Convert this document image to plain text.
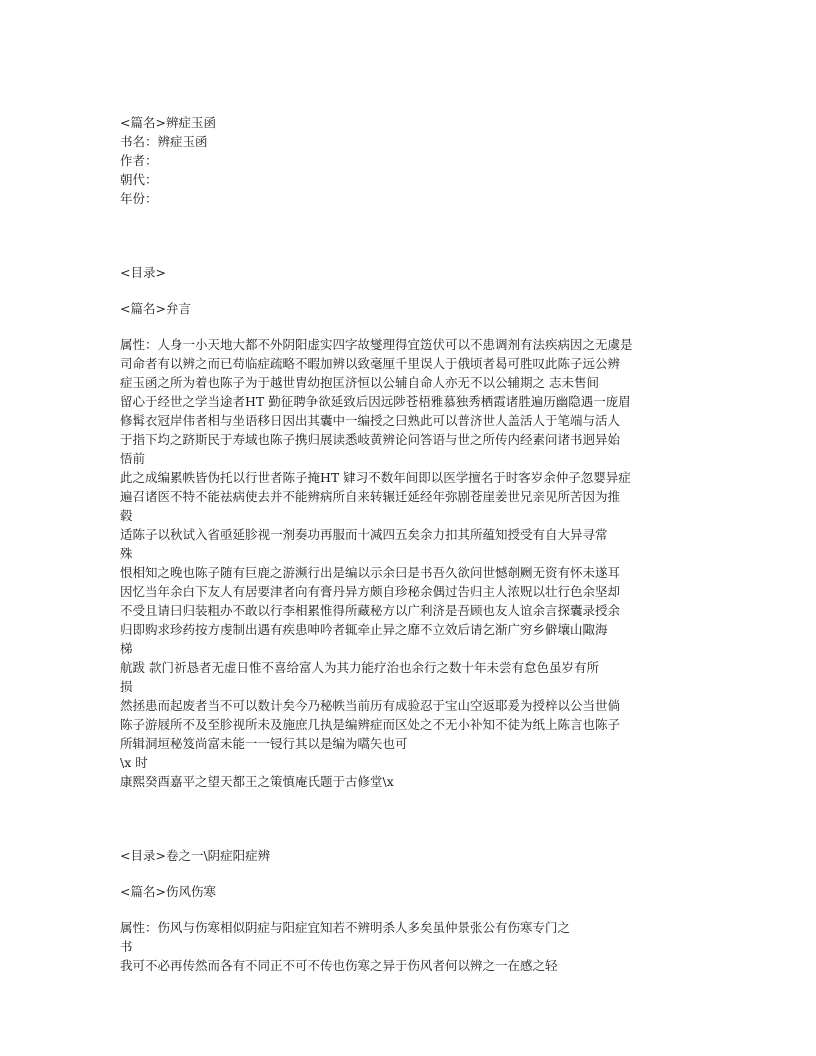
<篇名>辨症玉函
书名：辨症玉函
作者：
朝代：
年份：
<目录>
<篇名>弁言
属性：人身一小天地大都不外阴阳虚实四字故燮理得宜笾伏可以不患调剂有法疾病因之无虞是
司命者有以辨之而已苟临症疏略不暇加辨以致毫厘千里误人于俄顷者曷可胜叹此陈子远公辨
症玉函之所为着也陈子为于越世胄幼抱匡济恒以公辅自命人亦无不以公辅期之 志未售间
留心于经世之学当途者HT 勤征聘争欲延致后因远陟苍梧雅慕独秀栖霞诸胜遍历幽隐遇一庞眉
修髯衣冠岸伟者相与坐语移日因出其囊中一编授之曰熟此可以普济世人盖活人于笔端与活人
于指下均之跻斯民于寿域也陈子携归展读悉岐黄辨论问答语与世之所传内经素问诸书迥异始
悟前
此之成编累帙皆伪托以行世者陈子掩HT 肄习不数年间即以医学擅名于时客岁余仲子忽婴异症
遍召诸医不特不能祛病使去并不能辨病所自来转辗迁延经年弥剧苍崖姜世兄亲见所苦因为推
毂
适陈子以秋试入省亟延胗视一剂奏功再服而十减四五矣余力扣其所蕴知授受有自大异寻常
殊
恨相知之晚也陈子随有巨鹿之游濒行出是编以示余曰是书吾久欲问世憾剞劂无资有怀未遂耳
因忆当年余白下友人有居要津者向有膏丹异方颇自珍秘余偶过告归主人浓贶以壮行色余坚却
不受且请曰归装粗办不敢以行李相累惟得所藏秘方以广利济是吾顾也友人谊余言探囊录授余
归即购求珍药按方虔制出遇有疾患呻吟者辄牵止异之靡不立效后请乞渐广穷乡僻壤山陬海
梯
航跋 款门祈恳者无虚日惟不喜给富人为其力能疗治也余行之数十年未尝有怠色虽岁有所
损
然拯患而起废者当不可以数计矣今乃秘帙当前历有成验忍于宝山空返耶爰为授梓以公当世倘
陈子游屐所不及至胗视所未及施庶几执是编辨症而区处之不无小补知不徒为纸上陈言也陈子
所辑洞垣秘笈尚富未能一一锓行其以是编为嚆矢也可
\x 时
康熙癸酉嘉平之望天都王之策慎庵氏题于古修堂\x
<目录>卷之一\阴症阳症辨
<篇名>伤风伤寒
属性：伤风与伤寒相似阴症与阳症宜知若不辨明杀人多矣虽仲景张公有伤寒专门之
书
我可不必再传然而各有不同正不可不传也伤寒之异于伤风者何以辨之一在感之轻
